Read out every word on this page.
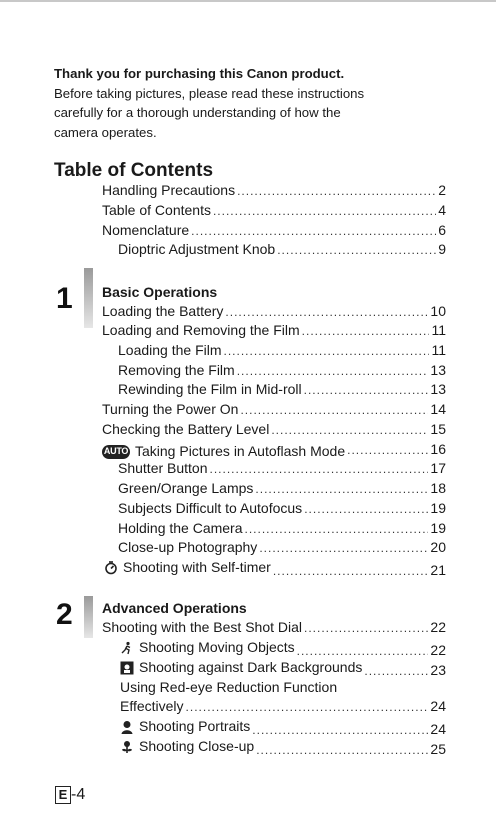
Thank you for purchasing this Canon product.
Before taking pictures, please read these instructions
carefully for a thorough understanding of how the
camera operates.
Table of Contents
Handling Precautions .....	2
Table of Contents .....	4
Nomenclature .....	6
Dioptric Adjustment Knob .....	9
1 Basic Operations
Loading the Battery .....	10
Loading and Removing the Film .....	11
Loading the Film .....	11
Removing the Film .....	13
Rewinding the Film in Mid-roll .....	13
Turning the Power On .....	14
Checking the Battery Level .....	15
AUTO Taking Pictures in Autoflash Mode .....	16
Shutter Button .....	17
Green/Orange Lamps .....	18
Subjects Difficult to Autofocus .....	19
Holding the Camera .....	19
Close-up Photography .....	20
Shooting with Self-timer .....	21
2 Advanced Operations
Shooting with the Best Shot Dial .....	22
Shooting Moving Objects .....	22
Shooting against Dark Backgrounds .....	23
Using Red-eye Reduction Function
Effectively .....	24
Shooting Portraits .....	24
Shooting Close-up .....	25
E -4
